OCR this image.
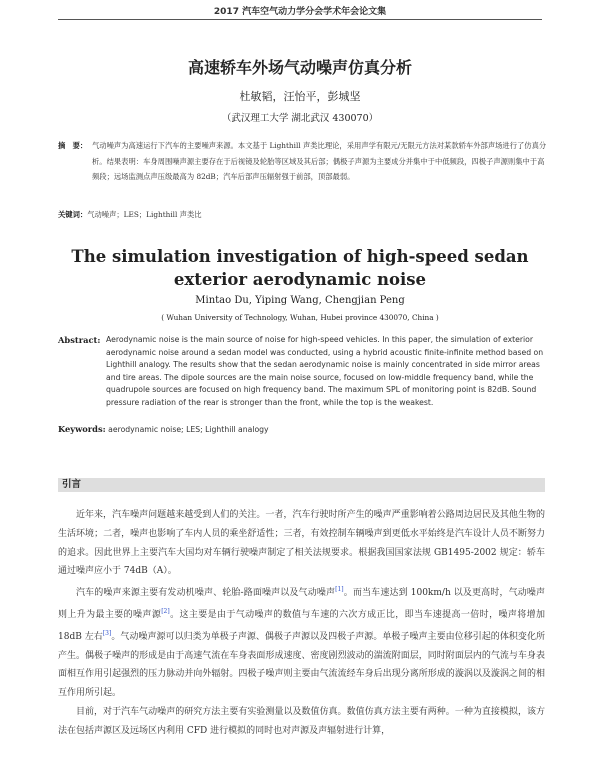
2017 汽车空气动力学分会学术年会论文集
高速轿车外场气动噪声仿真分析
杜敏韬，汪怡平，彭城坚
（武汉理工大学 湖北武汉 430070）
摘　要： 气动噪声为高速运行下汽车的主要噪声来源。本文基于 Lighthill 声类比理论，采用声学有限元/无限元方法对某款轿车外部声场进行了仿真分析。结果表明：车身周围噪声源主要存在于后视镜及轮胎等区域及其后部；偶极子声源为主要成分并集中于中低频段，四极子声源则集中于高频段；远场监测点声压级最高为 82dB；汽车后部声压辐射强于前部，顶部最弱。
关键词：气动噪声；LES；Lighthill 声类比
The simulation investigation of high-speed sedan exterior aerodynamic noise
Mintao Du, Yiping Wang, Chengjian Peng
( Wuhan University of Technology, Wuhan, Hubei province 430070, China )
Abstract: Aerodynamic noise is the main source of noise for high-speed vehicles. In this paper, the simulation of exterior aerodynamic noise around a sedan model was conducted, using a hybrid acoustic finite-infinite method based on Lighthill analogy. The results show that the sedan aerodynamic noise is mainly concentrated in side mirror areas and tire areas. The dipole sources are the main noise source, focused on low-middle frequency band, while the quadrupole sources are focused on high frequency band. The maximum SPL of monitoring point is 82dB. Sound pressure radiation of the rear is stronger than the front, while the top is the weakest.
Keywords: aerodynamic noise; LES; Lighthill analogy
引言

近年来，汽车噪声问题越来越受到人们的关注。一者，汽车行驶时所产生的噪声严重影响着公路周边居民及其他生物的生活环境；二者，噪声也影响了车内人员的乘坐舒适性；三者，有效控制车辆噪声到更低水平始终是汽车设计人员不断努力的追求。因此世界上主要汽车大国均对车辆行驶噪声制定了相关法规要求。根据我国国家法规 GB1495-2002 规定：轿车通过噪声应小于 74dB（A）。

汽车的噪声来源主要有发动机噪声、轮胎-路面噪声以及气动噪声[1]。而当车速达到 100km/h 以及更高时，气动噪声则上升为最主要的噪声源[2]。这主要是由于气动噪声的数值与车速的六次方成正比，即当车速提高一倍时，噪声将增加 18dB 左右[3]。气动噪声源可以归类为单极子声源、偶极子声源以及四极子声源。单极子噪声主要由位移引起的体积变化所产生。偶极子噪声的形成是由于高速气流在车身表面形成速度、密度剧烈波动的湍流附面层，同时附面层内的气流与车身表面相互作用引起强烈的压力脉动并向外辐射。四极子噪声则主要由气流流经车身后出现分离所形成的漩涡以及漩涡之间的相互作用所引起。

目前，对于汽车气动噪声的研究方法主要有实验测量以及数值仿真。数值仿真方法主要有两种。一种为直接模拟，该方法在包括声源区及远场区内利用 CFD 进行模拟的同时也对声源及声辐射进行计算，
